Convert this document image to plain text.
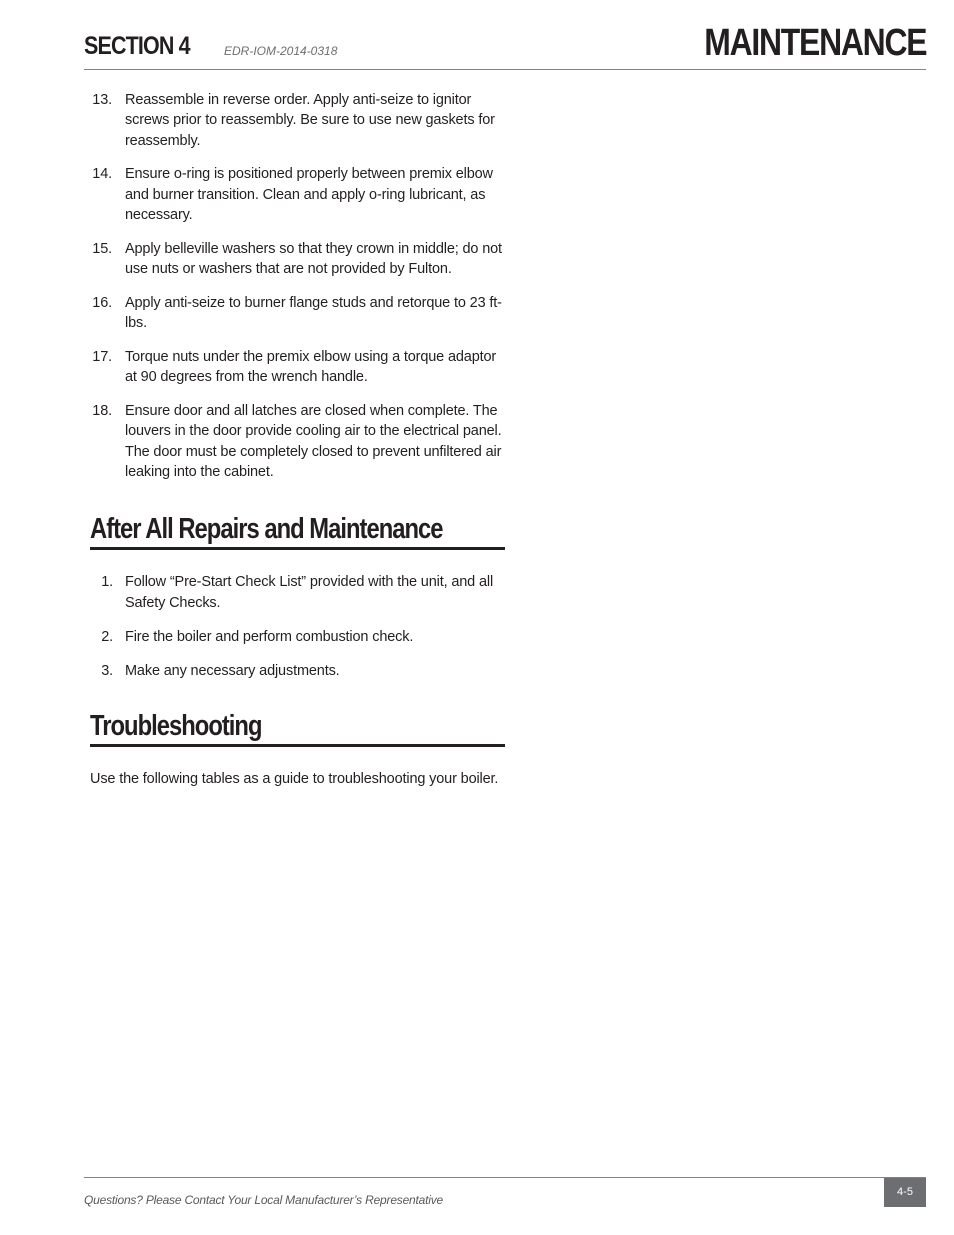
SECTION 4	EDR-IOM-2014-0318	MAINTENANCE
13. Reassemble in reverse order. Apply anti-seize to ignitor screws prior to reassembly. Be sure to use new gaskets for reassembly.
14. Ensure o-ring is positioned properly between premix elbow and burner transition. Clean and apply o-ring lubricant, as necessary.
15. Apply belleville washers so that they crown in middle; do not use nuts or washers that are not provided by Fulton.
16. Apply anti-seize to burner flange studs and retorque to 23 ft-lbs.
17. Torque nuts under the premix elbow using a torque adaptor at 90 degrees from the wrench handle.
18. Ensure door and all latches are closed when complete. The louvers in the door provide cooling air to the electrical panel. The door must be completely closed to prevent unfiltered air leaking into the cabinet.
After All Repairs and Maintenance
1. Follow “Pre-Start Check List” provided with the unit, and all Safety Checks.
2. Fire the boiler and perform combustion check.
3. Make any necessary adjustments.
Troubleshooting

Use the following tables as a guide to troubleshooting your boiler.

Questions? Please Contact Your Local Manufacturer’s Representative
4-5
